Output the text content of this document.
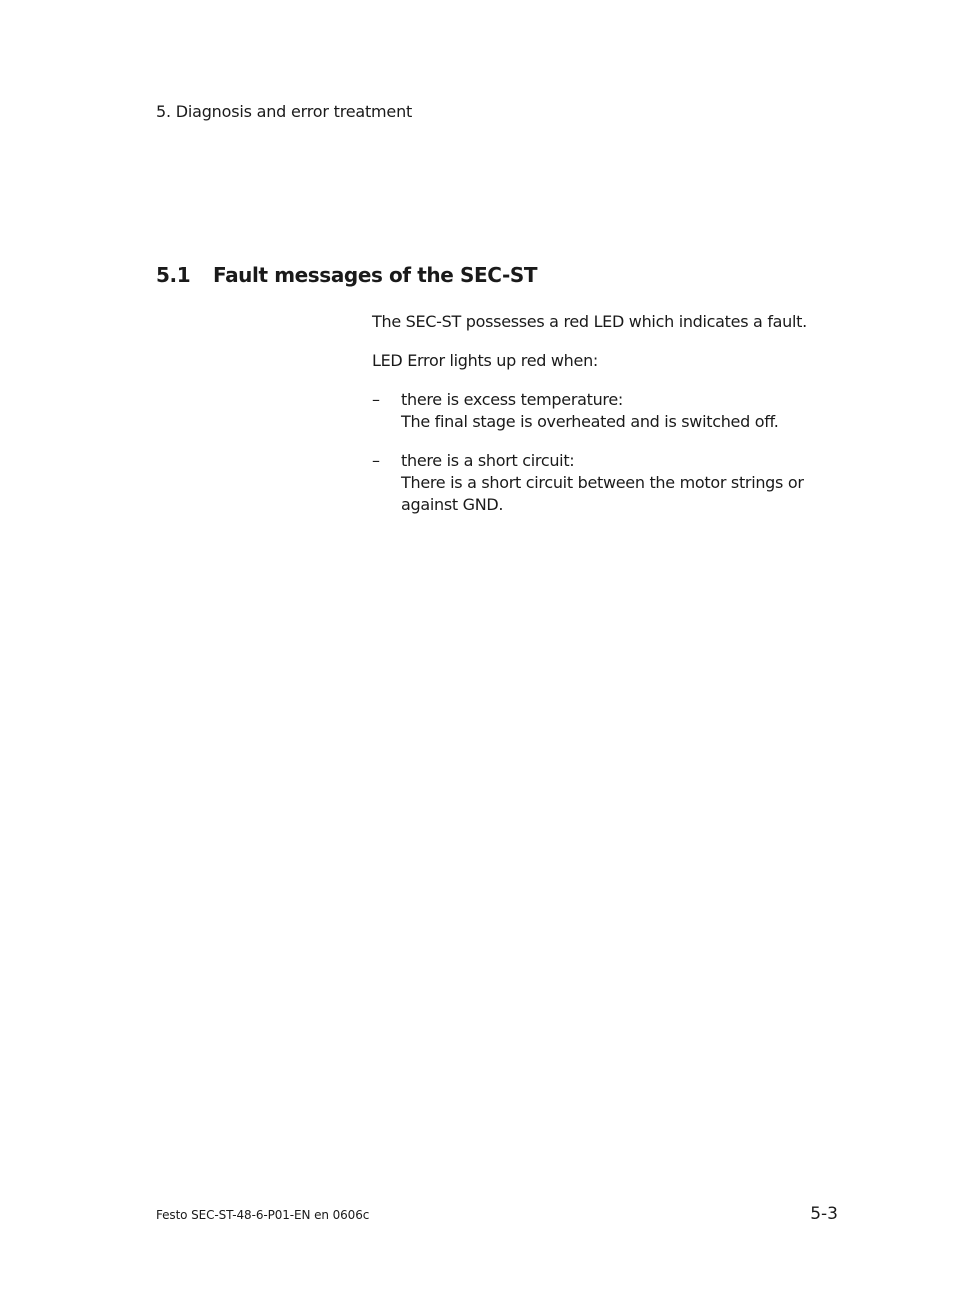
5. Diagnosis and error treatment
5.1	Fault messages of the SEC-ST

The SEC-ST possesses a red LED which indicates a fault.

LED Error lights up red when:

–	there is excess temperature:
The final stage is overheated and is switched off.
–	there is a short circuit:
There is a short circuit between the motor strings or against GND.
Festo SEC-ST-48-6-P01-EN en 0606c	5-3
